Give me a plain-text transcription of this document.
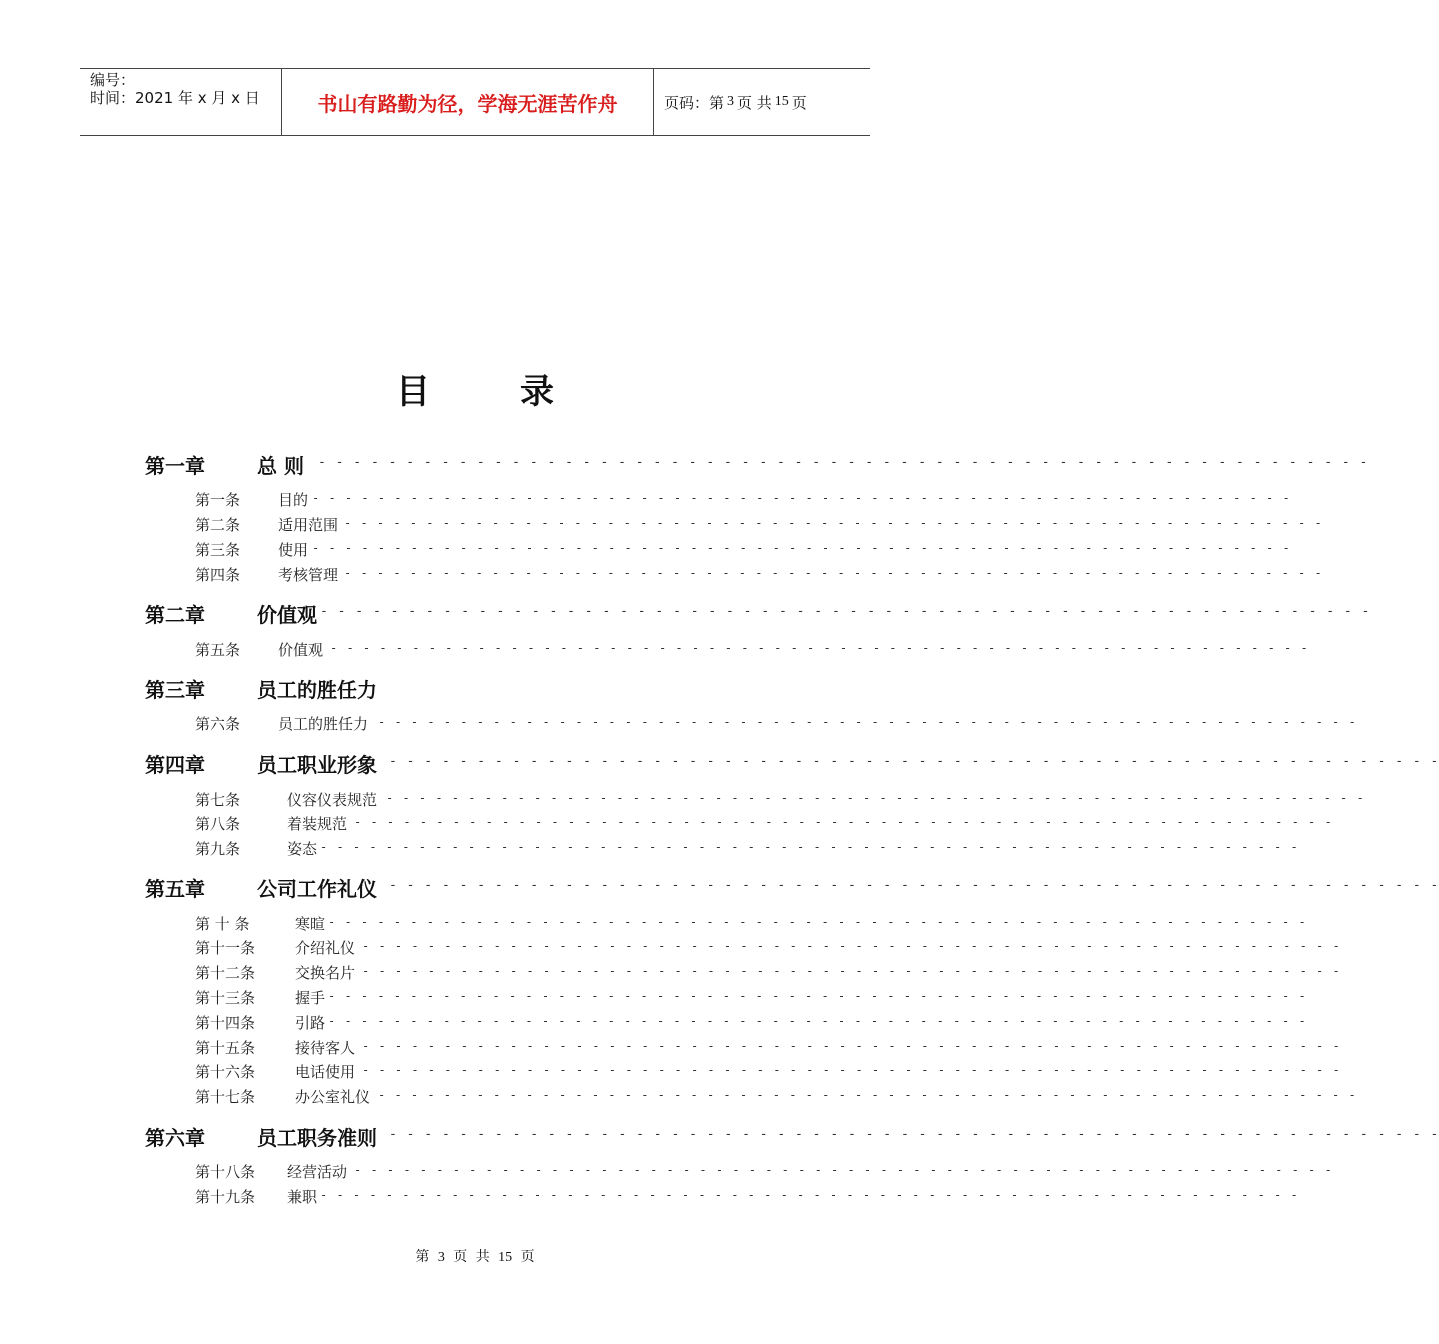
编号：
时间：2021 年 x 月 x 日	书山有路勤为径，学海无涯苦作舟	页码：第 3 页 共 15 页
目	录
第一章	总 则 - - - - - - - - - - - - - - - - - - - - - - - - - - - - - - - - - - - - - - - - - - - - - - - - - - - - - - - - - - - -
第一条	目的 - - - - - - - - - - - - - - - - - - - - - - - - - - - - - - - - - - - - - - - - - - - - - - - - - - - - - - - - - - - -
第二条	适用范围 - - - - - - - - - - - - - - - - - - - - - - - - - - - - - - - - - - - - - - - - - - - - - - - - - - - - - - - - - - - -
第三条	使用 - - - - - - - - - - - - - - - - - - - - - - - - - - - - - - - - - - - - - - - - - - - - - - - - - - - - - - - - - - - -
第四条	考核管理 - - - - - - - - - - - - - - - - - - - - - - - - - - - - - - - - - - - - - - - - - - - - - - - - - - - - - - - - - - - -
第二章	价值观 - - - - - - - - - - - - - - - - - - - - - - - - - - - - - - - - - - - - - - - - - - - - - - - - - - - - - - - - - - - -
第五条	价值观 - - - - - - - - - - - - - - - - - - - - - - - - - - - - - - - - - - - - - - - - - - - - - - - - - - - - - - - - - - - -
第三章	员工的胜任力
第六条	员工的胜任力 - - - - - - - - - - - - - - - - - - - - - - - - - - - - - - - - - - - - - - - - - - - - - - - - - - - - - - - - - - - -
第四章	员工职业形象 - - - - - - - - - - - - - - - - - - - - - - - - - - - - - - - - - - - - - - - - - - - - - - - - - - - - - - - - - - - -
第七条	仪容仪表规范 - - - - - - - - - - - - - - - - - - - - - - - - - - - - - - - - - - - - - - - - - - - - - - - - - - - - - - - - - - - -
第八条	着装规范 - - - - - - - - - - - - - - - - - - - - - - - - - - - - - - - - - - - - - - - - - - - - - - - - - - - - - - - - - - - -
第九条	姿态 - - - - - - - - - - - - - - - - - - - - - - - - - - - - - - - - - - - - - - - - - - - - - - - - - - - - - - - - - - - -
第五章	公司工作礼仪 - - - - - - - - - - - - - - - - - - - - - - - - - - - - - - - - - - - - - - - - - - - - - - - - - - - - - - - - - - - -
第 十 条	寒暄 - - - - - - - - - - - - - - - - - - - - - - - - - - - - - - - - - - - - - - - - - - - - - - - - - - - - - - - - - - - -
第十一条	介绍礼仪 - - - - - - - - - - - - - - - - - - - - - - - - - - - - - - - - - - - - - - - - - - - - - - - - - - - - - - - - - - - -
第十二条	交换名片 - - - - - - - - - - - - - - - - - - - - - - - - - - - - - - - - - - - - - - - - - - - - - - - - - - - - - - - - - - - -
第十三条	握手 - - - - - - - - - - - - - - - - - - - - - - - - - - - - - - - - - - - - - - - - - - - - - - - - - - - - - - - - - - - -
第十四条	引路 - - - - - - - - - - - - - - - - - - - - - - - - - - - - - - - - - - - - - - - - - - - - - - - - - - - - - - - - - - - -
第十五条	接待客人 - - - - - - - - - - - - - - - - - - - - - - - - - - - - - - - - - - - - - - - - - - - - - - - - - - - - - - - - - - - -
第十六条	电话使用 - - - - - - - - - - - - - - - - - - - - - - - - - - - - - - - - - - - - - - - - - - - - - - - - - - - - - - - - - - - -
第十七条	办公室礼仪 - - - - - - - - - - - - - - - - - - - - - - - - - - - - - - - - - - - - - - - - - - - - - - - - - - - - - - - - - - - -
第六章	员工职务准则 - - - - - - - - - - - - - - - - - - - - - - - - - - - - - - - - - - - - - - - - - - - - - - - - - - - - - - - - - - - -
第十八条 经营活动 - - - - - - - - - - - - - - - - - - - - - - - - - - - - - - - - - - - - - - - - - - - - - - - - - - - - - - - - - - - -
第十九条 兼职 - - - - - - - - - - - - - - - - - - - - - - - - - - - - - - - - - - - - - - - - - - - - - - - - - - - - - - - - - - - -
第 3 页 共 15 页
